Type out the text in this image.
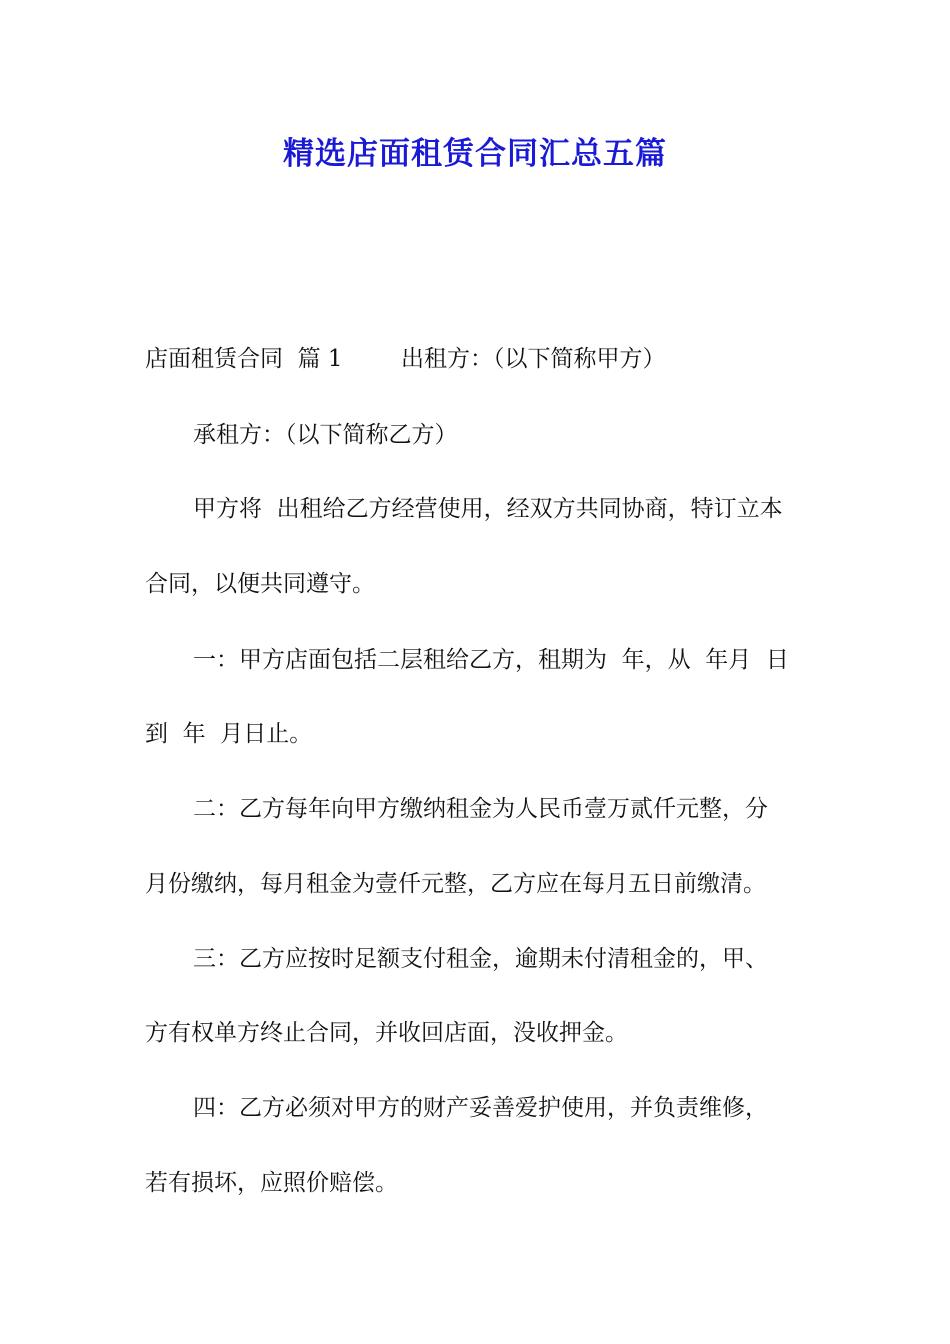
精选店面租赁合同汇总五篇
店面租赁合同  篇 1        出租方：（以下简称甲方）
承租方：（以下简称乙方）
甲方将  出租给乙方经营使用，经双方共同协商，特订立本
合同，以便共同遵守。
一：甲方店面包括二层租给乙方，租期为  年，从  年月  日
到  年  月日止。
二：乙方每年向甲方缴纳租金为人民币壹万贰仟元整，分
月份缴纳，每月租金为壹仟元整，乙方应在每月五日前缴清。
三：乙方应按时足额支付租金，逾期未付清租金的，甲、
方有权单方终止合同，并收回店面，没收押金。
四：乙方必须对甲方的财产妥善爱护使用，并负责维修，
若有损坏，应照价赔偿。
